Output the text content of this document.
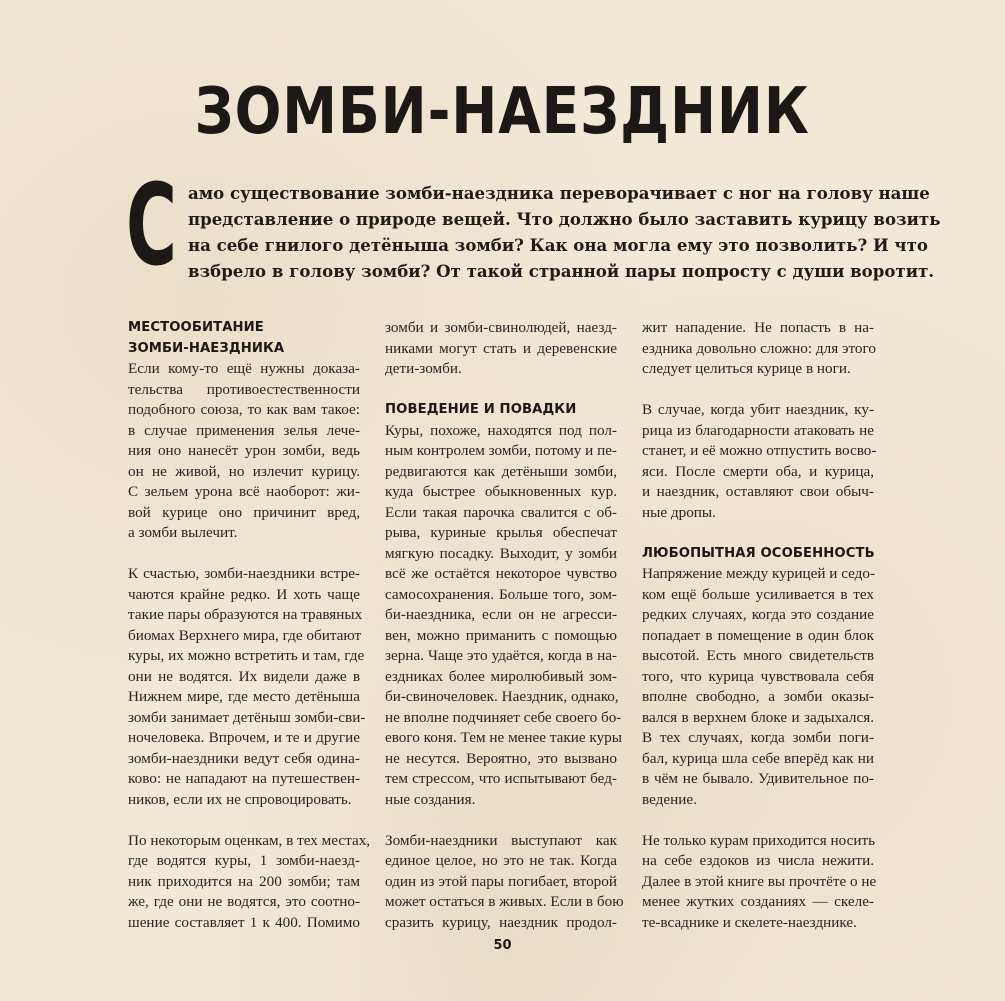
ЗОМБИ-НАЕЗДНИК
С амо существование зомби-наездника переворачивает с ног на голову наше
представление о природе вещей. Что должно было заставить курицу возить
на себе гнилого детёныша зомби? Как она могла ему это позволить? И что
взбрело в голову зомби? От такой странной пары попросту с души воротит.
МЕСТООБИТАНИЕ
ЗОМБИ-НАЕЗДНИКА
Если кому-то ещё нужны доказа-
тельства противоестественности
подобного союза, то как вам такое:
в случае применения зелья лече-
ния оно нанесёт урон зомби, ведь
он не живой, но излечит курицу.
С зельем урона всё наоборот: жи-
вой курице оно причинит вред,
а зомби вылечит.
К счастью, зомби-наездники встре-
чаются крайне редко. И хоть чаще
такие пары образуются на травяных
биомах Верхнего мира, где обитают
куры, их можно встретить и там, где
они не водятся. Их видели даже в
Нижнем мире, где место детёныша
зомби занимает детёныш зомби-сви-
ночеловека. Впрочем, и те и другие
зомби-наездники ведут себя одина-
ково: не нападают на путешествен-
ников, если их не спровоцировать.
По некоторым оценкам, в тех местах,
где водятся куры, 1 зомби-наезд-
ник приходится на 200 зомби; там
же, где они не водятся, это соотно-
шение составляет 1 к 400. Помимо
зомби и зомби-свинолюдей, наезд-
никами могут стать и деревенские
дети-зомби.
ПОВЕДЕНИЕ И ПОВАДКИ
Куры, похоже, находятся под пол-
ным контролем зомби, потому и пе-
редвигаются как детёныши зомби,
куда быстрее обыкновенных кур.
Если такая парочка свалится с об-
рыва, куриные крылья обеспечат
мягкую посадку. Выходит, у зомби
всё же остаётся некоторое чувство
самосохранения. Больше того, зом-
би-наездника, если он не агресси-
вен, можно приманить с помощью
зерна. Чаще это удаётся, когда в на-
ездниках более миролюбивый зом-
би-свиночеловек. Наездник, однако,
не вполне подчиняет себе своего бо-
евого коня. Тем не менее такие куры
не несутся. Вероятно, это вызвано
тем стрессом, что испытывают бед-
ные создания.
Зомби-наездники выступают как
единое целое, но это не так. Когда
один из этой пары погибает, второй
может остаться в живых. Если в бою
сразить курицу, наездник продол-
жит нападение. Не попасть в на-
ездника довольно сложно: для этого
следует целиться курице в ноги.
В случае, когда убит наездник, ку-
рица из благодарности атаковать не
станет, и её можно отпустить восво-
яси. После смерти оба, и курица,
и наездник, оставляют свои обыч-
ные дропы.
ЛЮБОПЫТНАЯ ОСОБЕННОСТЬ
Напряжение между курицей и седо-
ком ещё больше усиливается в тех
редких случаях, когда это создание
попадает в помещение в один блок
высотой. Есть много свидетельств
того, что курица чувствовала себя
вполне свободно, а зомби оказы-
вался в верхнем блоке и задыхался.
В тех случаях, когда зомби поги-
бал, курица шла себе вперёд как ни
в чём не бывало. Удивительное по-
ведение.
Не только курам приходится носить
на себе ездоков из числа нежити.
Далее в этой книге вы прочтёте о не
менее жутких созданиях — скеле-
те-всаднике и скелете-наезднике.
50
